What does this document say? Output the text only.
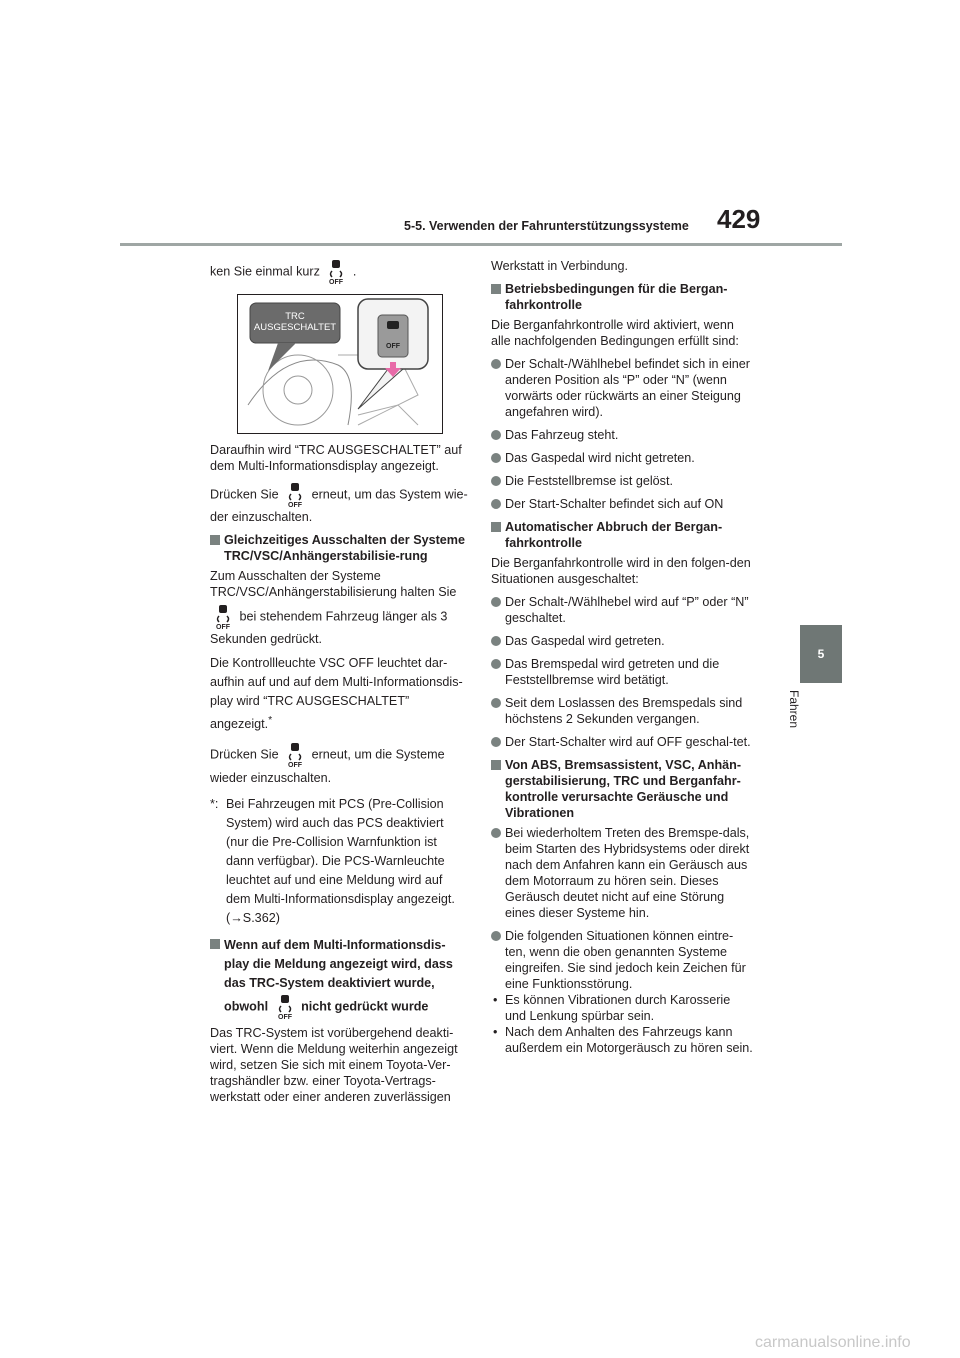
5-5. Verwenden der Fahrunterstützungssysteme 429
5
Fahren

ken Sie einmal kurz
OFF
.

TRC
AUSGESCHALTET
OFF

Daraufhin wird “TRC AUSGESCHALTET” auf dem Multi-Informationsdisplay angezeigt.

Drücken Sie
OFF
erneut, um das System wie-der einzuschalten.

Gleichzeitiges Ausschalten der Systeme TRC/VSC/Anhängerstabilisie-rung

Zum Ausschalten der Systeme TRC/VSC/Anhängerstabilisierung halten Sie

OFF
bei stehendem Fahrzeug länger als 3 Sekunden gedrückt.

Die Kontrollleuchte VSC OFF leuchtet dar-aufhin auf und auf dem Multi-Informationsdis-play wird “TRC AUSGESCHALTET” angezeigt.*

Drücken Sie
OFF
erneut, um die Systeme wieder einzuschalten.

*: Bei Fahrzeugen mit PCS (Pre-Collision System) wird auch das PCS deaktiviert (nur die Pre-Collision Warnfunktion ist dann verfügbar). Die PCS-Warnleuchte leuchtet auf und eine Meldung wird auf dem Multi-Informationsdisplay angezeigt. (→S.362)

Wenn auf dem Multi-Informationsdis-play die Meldung angezeigt wird, dass das TRC-System deaktiviert wurde, obwohl
OFF
nicht gedrückt wurde

Das TRC-System ist vorübergehend deakti-viert. Wenn die Meldung weiterhin angezeigt wird, setzen Sie sich mit einem Toyota-Ver-tragshändler bzw. einer Toyota-Vertrags-werkstatt oder einer anderen zuverlässigen

Werkstatt in Verbindung.

Betriebsbedingungen für die Bergan-fahrkontrolle

Die Berganfahrkontrolle wird aktiviert, wenn alle nachfolgenden Bedingungen erfüllt sind:

Der Schalt-/Wählhebel befindet sich in einer anderen Position als “P” oder “N” (wenn vorwärts oder rückwärts an einer Steigung angefahren wird).

Das Fahrzeug steht.

Das Gaspedal wird nicht getreten.

Die Feststellbremse ist gelöst.

Der Start-Schalter befindet sich auf ON

Automatischer Abbruch der Bergan-fahrkontrolle

Die Berganfahrkontrolle wird in den folgen-den Situationen ausgeschaltet:

Der Schalt-/Wählhebel wird auf “P” oder “N” geschaltet.

Das Gaspedal wird getreten.

Das Bremspedal wird getreten und die Feststellbremse wird betätigt.

Seit dem Loslassen des Bremspedals sind höchstens 2 Sekunden vergangen.

Der Start-Schalter wird auf OFF geschal-tet.

Von ABS, Bremsassistent, VSC, Anhän-gerstabilisierung, TRC und Berganfahr-kontrolle verursachte Geräusche und Vibrationen

Bei wiederholtem Treten des Bremspe-dals, beim Starten des Hybridsystems oder direkt nach dem Anfahren kann ein Geräusch aus dem Motorraum zu hören sein. Dieses Geräusch deutet nicht auf eine Störung eines dieser Systeme hin.

Die folgenden Situationen können eintre-ten, wenn die oben genannten Systeme eingreifen. Sie sind jedoch kein Zeichen für eine Funktionsstörung.

• Es können Vibrationen durch Karosserie und Lenkung spürbar sein.

• Nach dem Anhalten des Fahrzeugs kann außerdem ein Motorgeräusch zu hören sein.

carmanualsonline.info
